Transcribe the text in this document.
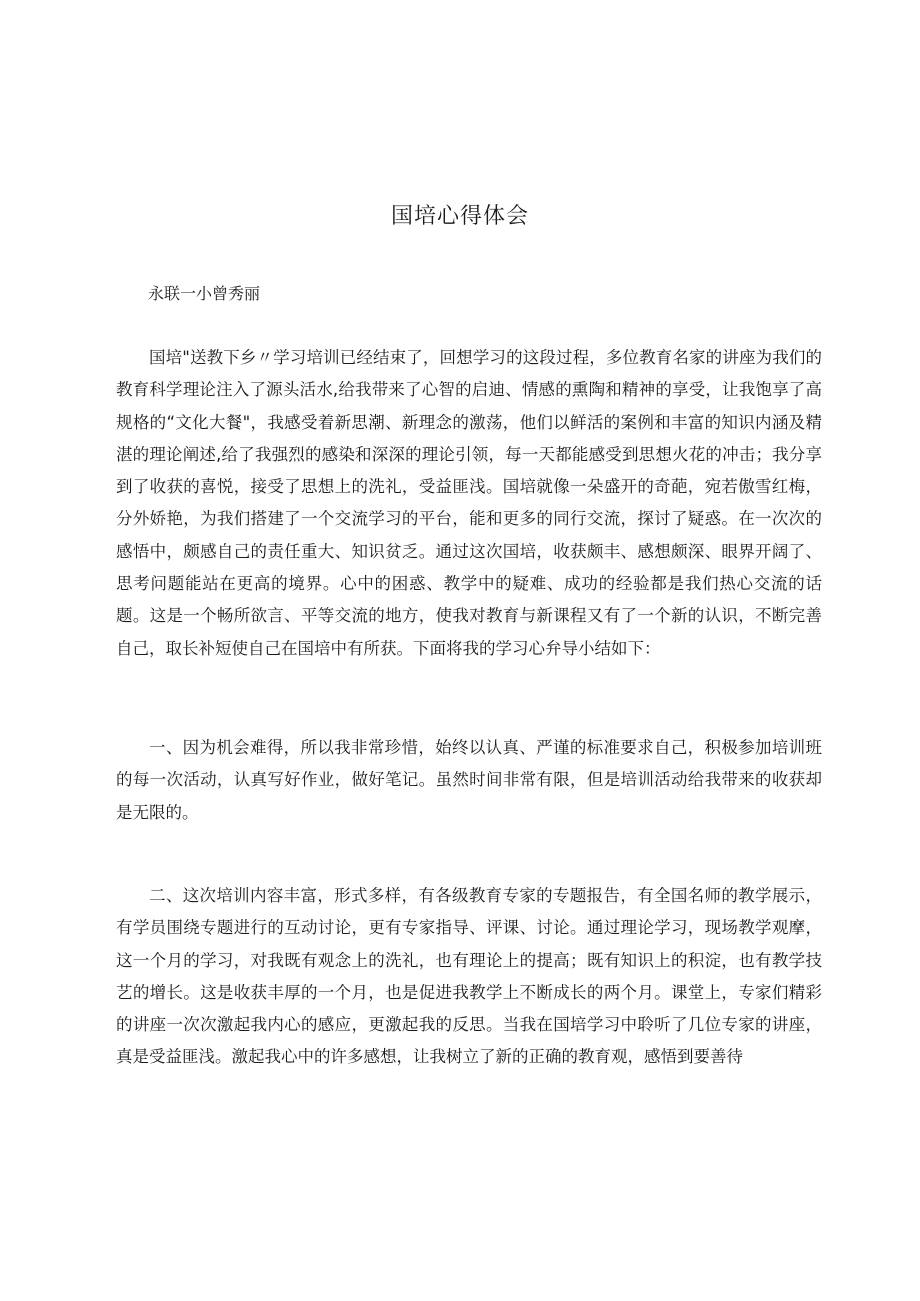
国培心得体会

永联一小曾秀丽

国培"送教下乡〃学习培训已经结束了，回想学习的这段过程，多位教育名家的讲座为我们的教育科学理论注入了源头活水,给我带来了心智的启迪、情感的熏陶和精神的享受，让我饱享了高规格的“文化大餐"，我感受着新思潮、新理念的激荡，他们以鲜活的案例和丰富的知识内涵及精湛的理论阐述,给了我强烈的感染和深深的理论引领，每一天都能感受到思想火花的冲击；我分享到了收获的喜悦，接受了思想上的洗礼，受益匪浅。国培就像一朵盛开的奇葩，宛若傲雪红梅，分外娇艳，为我们搭建了一个交流学习的平台，能和更多的同行交流，探讨了疑惑。在一次次的感悟中，颇感自己的责任重大、知识贫乏。通过这次国培，收获颇丰、感想颇深、眼界开阔了、思考问题能站在更高的境界。心中的困惑、教学中的疑难、成功的经验都是我们热心交流的话题。这是一个畅所欲言、平等交流的地方，使我对教育与新课程又有了一个新的认识，不断完善自己，取长补短使自己在国培中有所获。下面将我的学习心弁导小结如下：

一、因为机会难得，所以我非常珍惜，始终以认真、严谨的标准要求自己，积极参加培训班的每一次活动，认真写好作业，做好笔记。虽然时间非常有限，但是培训活动给我带来的收获却是无限的。

二、这次培训内容丰富，形式多样，有各级教育专家的专题报告，有全国名师的教学展示，有学员围绕专题进行的互动讨论，更有专家指导、评课、讨论。通过理论学习，现场教学观摩，这一个月的学习，对我既有观念上的洗礼，也有理论上的提高；既有知识上的积淀，也有教学技艺的增长。这是收获丰厚的一个月，也是促进我教学上不断成长的两个月。课堂上，专家们精彩的讲座一次次激起我内心的感应，更激起我的反思。当我在国培学习中聆听了几位专家的讲座，真是受益匪浅。激起我心中的许多感想，让我树立了新的正确的教育观，感悟到要善待
